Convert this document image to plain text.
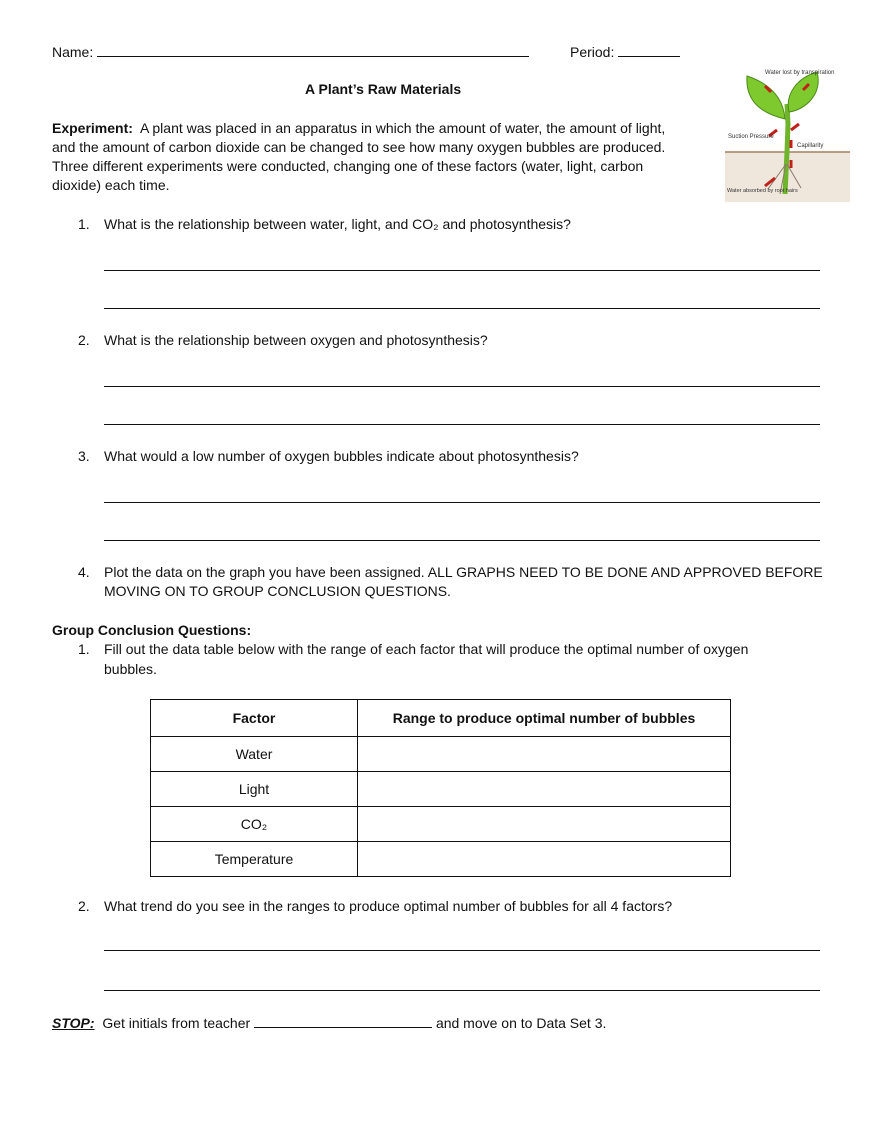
Name:	Period:
A Plant’s Raw Materials
Water lost by transpiration
Suction Pressure
Capillarity
Water absorbed by root hairs
Experiment: A plant was placed in an apparatus in which the amount of water, the amount of light,
and the amount of carbon dioxide can be changed to see how many oxygen bubbles are produced.
Three different experiments were conducted, changing one of these factors (water, light, carbon
dioxide) each time.
1. What is the relationship between water, light, and CO₂ and photosynthesis?
2. What is the relationship between oxygen and photosynthesis?
3. What would a low number of oxygen bubbles indicate about photosynthesis?
4. Plot the data on the graph you have been assigned. ALL GRAPHS NEED TO BE DONE AND APPROVED BEFORE
MOVING ON TO GROUP CONCLUSION QUESTIONS.
Group Conclusion Questions:
1. Fill out the data table below with the range of each factor that will produce the optimal number of oxygen
bubbles.
Factor	Range to produce optimal number of bubbles
Water	
Light	
CO₂	
Temperature	
2. What trend do you see in the ranges to produce optimal number of bubbles for all 4 factors?
STOP: Get initials from teacher	and move on to Data Set 3.
